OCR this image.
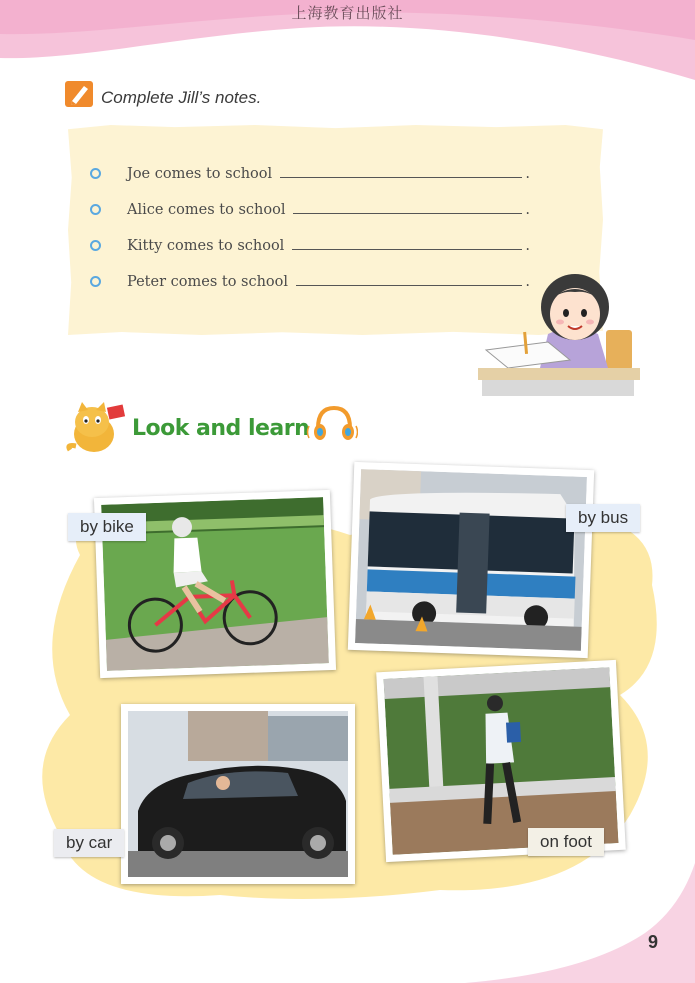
上海教育出版社
Complete Jill’s notes.
Joe comes to school	.
Alice comes to school	.
Kitty comes to school	.
Peter comes to school	.
Look and learn
by bike	by bus
by car	on foot
9
